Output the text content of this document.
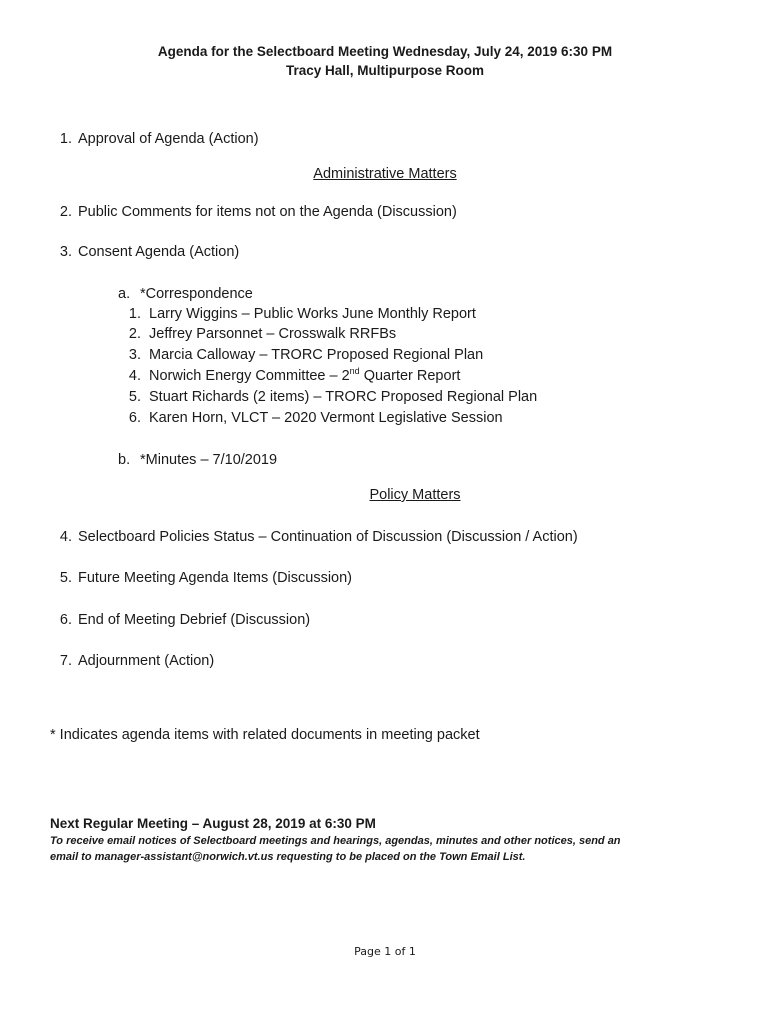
Agenda for the Selectboard Meeting Wednesday, July 24, 2019 6:30 PM
Tracy Hall, Multipurpose Room
1. Approval of Agenda (Action)
Administrative Matters
2. Public Comments for items not on the Agenda (Discussion)
3. Consent Agenda (Action)
a. *Correspondence
1. Larry Wiggins – Public Works June Monthly Report
2. Jeffrey Parsonnet – Crosswalk RRFBs
3. Marcia Calloway – TRORC Proposed Regional Plan
4. Norwich Energy Committee – 2nd Quarter Report
5. Stuart Richards (2 items) – TRORC Proposed Regional Plan
6. Karen Horn, VLCT – 2020 Vermont Legislative Session
b. *Minutes – 7/10/2019
Policy Matters
4. Selectboard Policies Status – Continuation of Discussion (Discussion / Action)
5. Future Meeting Agenda Items (Discussion)
6. End of Meeting Debrief (Discussion)
7. Adjournment (Action)
* Indicates agenda items with related documents in meeting packet
Next Regular Meeting – August 28, 2019 at 6:30 PM
To receive email notices of Selectboard meetings and hearings, agendas, minutes and other notices, send an
email to manager-assistant@norwich.vt.us requesting to be placed on the Town Email List.
Page 1 of 1
